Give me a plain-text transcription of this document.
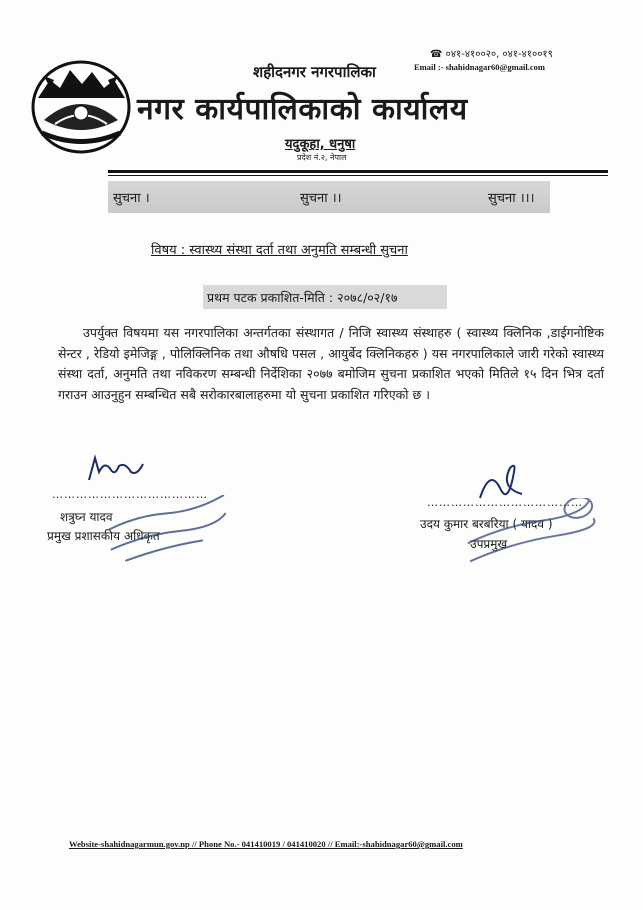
☎ ०४१-४१००२०, ०४१-४१००१९
Email :- shahidnagar60@gmail.com
शहीदनगर नगरपालिका
नगर कार्यपालिकाको कार्यालय
यदुकूहा, धनुषा
प्रदेश नं.२, नेपाल
सुचना ।	सुचना ।।	सुचना ।।।
विषय : स्वास्थ्य संस्था दर्ता तथा अनुमति सम्बन्धी सुचना
प्रथम पटक प्रकाशित-मिति : २०७८/०२/१७
उपर्युक्त विषयमा यस नगरपालिका अन्तर्गतका संस्थागत / निजि स्वास्थ्य संस्थाहरु ( स्वास्थ्य क्लिनिक ,डाईगनोष्टिक सेन्टर , रेडियो इमेजिङ्ग , पोलिक्लिनिक तथा औषधि पसल , आयुर्बेद क्लिनिकहरु ) यस नगरपालिकाले जारी गरेको स्वास्थ्य संस्था दर्ता, अनुमति तथा नविकरण सम्बन्धी निर्देशिका २०७७ बमोजिम सुचना प्रकाशित भएको मितिले १५ दिन भित्र दर्ता गराउन आउनुहुन सम्बन्धित सबै सरोकारबालाहरुमा यो सुचना प्रकाशित गरिएको छ ।
…………………………………
…………………………………
शत्रुघ्न यादव
प्रमुख प्रशासकीय अधिकृत
उदय कुमार बरबरिया ( यादव )
उपप्रमुख
Website-shahidnagarmun.gov.np // Phone No.- 041410019 / 041410020 // Email:-shahidnagar60@gmail.com
